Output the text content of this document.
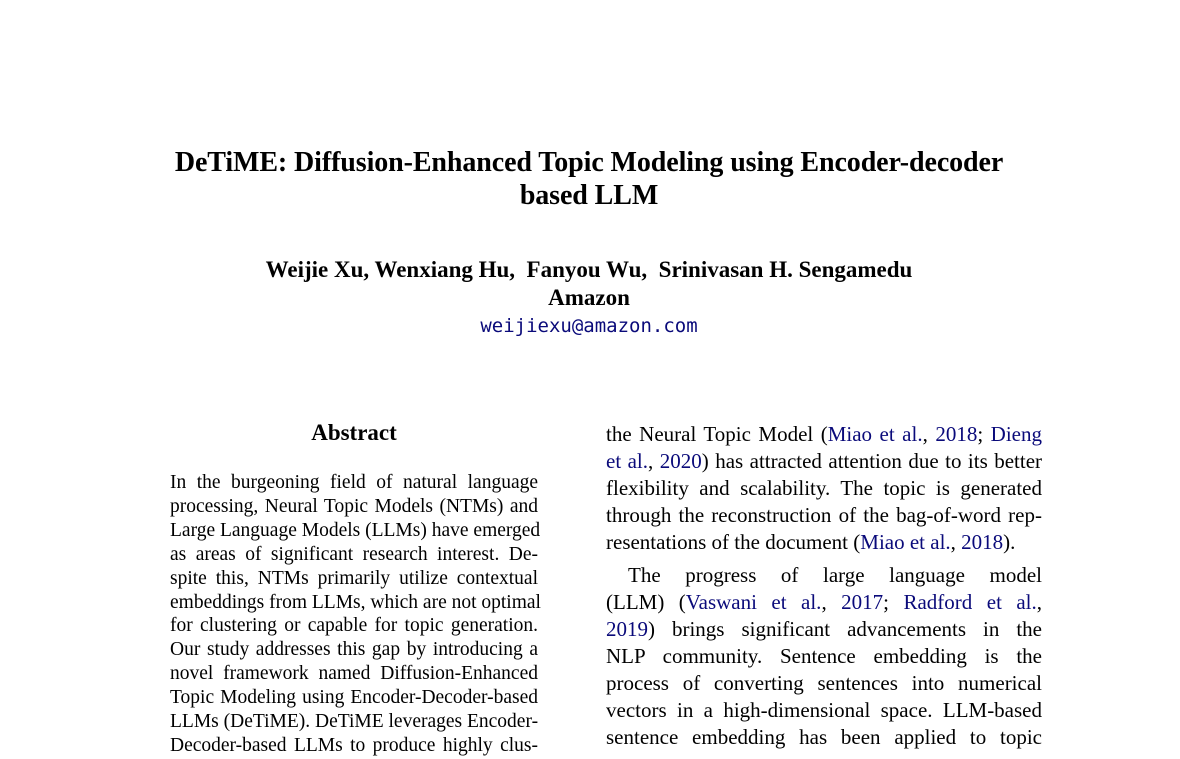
DeTiME: Diffusion-Enhanced Topic Modeling using Encoder-decoder
based LLM
Weijie Xu, Wenxiang Hu,  Fanyou Wu,  Srinivasan H. Sengamedu
Amazon
weijiexu@amazon.com
Abstract
In the burgeoning field of natural language
processing, Neural Topic Models (NTMs) and
Large Language Models (LLMs) have emerged
as areas of significant research interest. De-
spite this, NTMs primarily utilize contextual
embeddings from LLMs, which are not optimal
for clustering or capable for topic generation.
Our study addresses this gap by introducing a
novel framework named Diffusion-Enhanced
Topic Modeling using Encoder-Decoder-based
LLMs (DeTiME). DeTiME leverages Encoder-
Decoder-based LLMs to produce highly clus-
the Neural Topic Model (Miao et al., 2018; Dieng
et al., 2020) has attracted attention due to its better
flexibility and scalability. The topic is generated
through the reconstruction of the bag-of-word rep-
resentations of the document (Miao et al., 2018).
The progress of large language model
(LLM) (Vaswani et al., 2017; Radford et al.,
2019) brings significant advancements in the
NLP community. Sentence embedding is the
process of converting sentences into numerical
vectors in a high-dimensional space. LLM-based
sentence embedding has been applied to topic
